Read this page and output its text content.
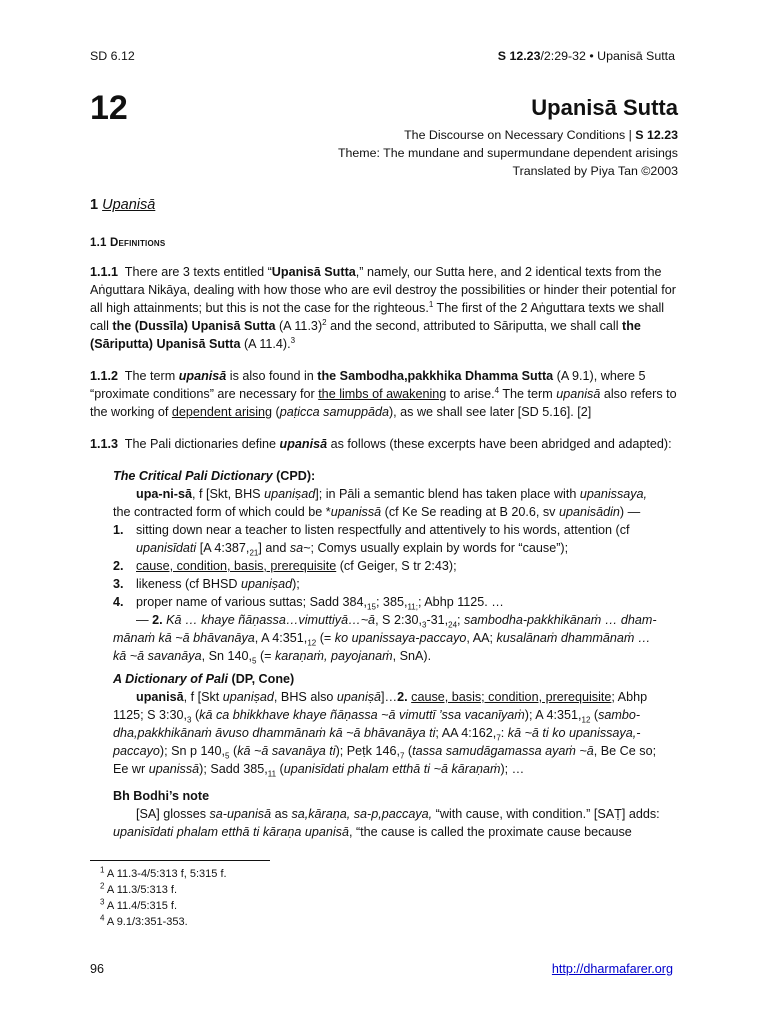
SD 6.12	S 12.23/2:29-32 • Upanisā Sutta
12	Upanisā Sutta
The Discourse on Necessary Conditions | S 12.23
Theme: The mundane and supermundane dependent arisings
Translated by Piya Tan ©2003
1 Upanisā
1.1 Definitions

1.1.1 There are 3 texts entitled “Upanisā Sutta,” namely, our Sutta here, and 2 identical texts from the Aṅguttara Nikāya, dealing with how those who are evil destroy the possibilities or hinder their potential for all high attainments; but this is not the case for the righteous.$^1$ The first of the 2 Aṅguttara texts we shall call the (Dussīla) Upanisā Sutta (A 11.3)$^2$ and the second, attributed to Sāriputta, we shall call the (Sāriputta) Upanisā Sutta (A 11.4).$^3$

1.1.2 The term upanisā is also found in the Sambodha,pakkhika Dhamma Sutta (A 9.1), where 5 “proximate conditions” are necessary for the limbs of awakening to arise.$^4$ The term upanisā also refers to the working of dependent arising (paṭicca samuppāda), as we shall see later [SD 5.16]. [2]

1.1.3 The Pali dictionaries define upanisā as follows (these excerpts have been abridged and adapted):

The Critical Pali Dictionary (CPD):

upa-ni-sā, f [Skt, BHS upaniṣad]; in Pāli a semantic blend has taken place with upanissaya,

the contracted form of which could be *upanissā (cf Ke Se reading at B 20.6, sv upanisādin) —

1. sitting down near a teacher to listen respectfully and attentively to his words, attention (cf upanisīdati [A $4:387,_{21}$] and sa~; Comys usually explain by words for “cause”);
2. cause, condition, basis, prerequisite (cf Geiger, S tr 2:43);
3. likeness (cf BHSD upaniṣad);
4. proper name of various suttas; Sadd $384,_{15}$; $385,_{11;}$; Abhp 1125. …

— 2. Kā … khaye ñāṇassa…vimuttiyā…~ā, S $2:30,_3-31,_{24}$; sambodha-pakkhikānaṁ … dham-

mānaṁ kā ~ā bhāvanāya, A $4:351,_{12}$ (= ko upanissaya-paccayo, AA; kusalānaṁ dhammānaṁ …

kā ~ā savanāya, Sn $140,_5$ (= karaṇaṁ, payojanaṁ, SnA).

A Dictionary of Pali (DP, Cone)

upanisā, f [Skt upaniṣad, BHS also upaniṣā]…2. cause, basis; condition, prerequisite; Abhp

1125; S $3:30,_3$ (kā ca bhikkhave khaye ñāṇassa ~ā vimuttī ’ssa vacanīyaṁ); A $4:351,_{12}$ (sambo-

dha,pakkhikānaṁ āvuso dhammānaṁ kā ~ā bhāvanāya ti; AA $4:162,_7$: kā ~ā ti ko upanissaya,-

paccayo); Sn p $140,_5$ (kā ~ā savanāya ti); Peṭk $146,_7$ (tassa samudāgamassa ayaṁ ~ā, Be Ce so;

Ee wr upanissā); Sadd $385,_{11}$ (upanisīdati phalam etthā ti ~ā kāraṇaṁ); …

Bh Bodhi’s note

[SA] glosses sa-upanisā as sa,kāraṇa, sa-p,paccaya, “with cause, with condition.” [SAṬ] adds:

upanisīdati phalam etthā ti kāraṇa upanisā, “the cause is called the proximate cause because

$^1$ A 11.3-4/5:313 f, 5:315 f.
$^2$ A 11.3/5:313 f.
$^3$ A 11.4/5:315 f.
$^4$ A 9.1/3:351-353.
96	http://dharmafarer.org
